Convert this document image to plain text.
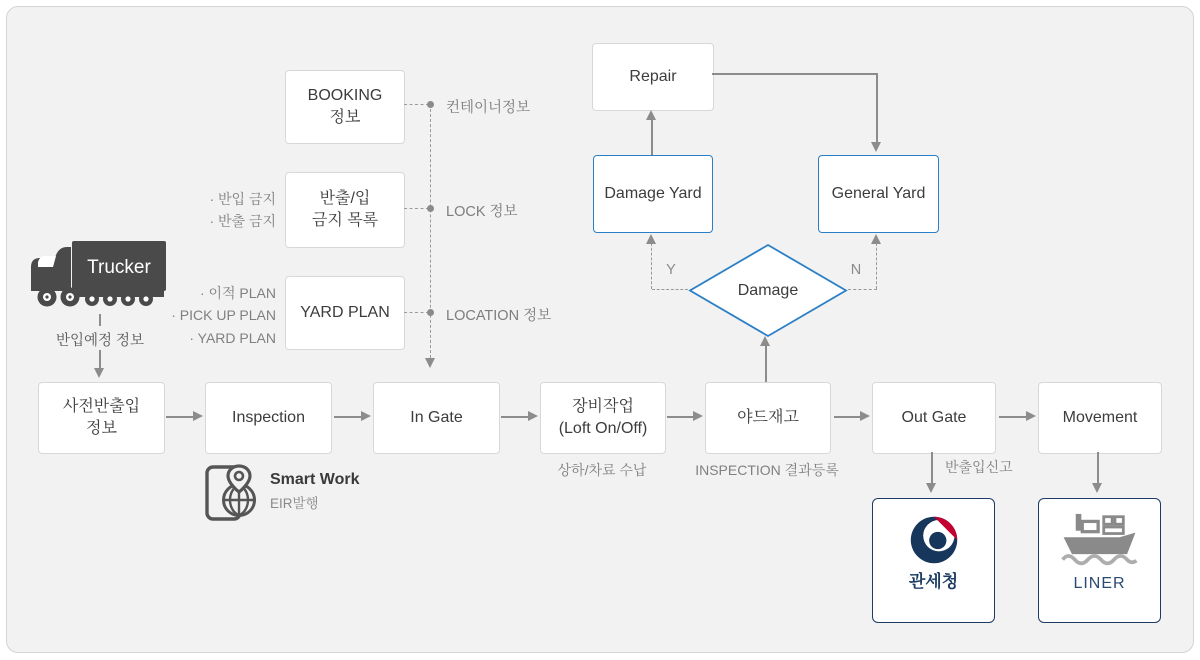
BOOKING
정보
반출/입
금지 목록
YARD PLAN
· 반입 금지
· 반출 금지
· 이적 PLAN
· PICK UP PLAN
· YARD PLAN
컨테이너정보
LOCK 정보
LOCATION 정보
Trucker
반입예정 정보
사전반출입
정보
Inspection	In Gate
장비작업
(Loft On/Off)
야드재고	Out Gate	Movement
상하/차료 수납	INSPECTION 결과등록
Smart Work
EIR발행
반출입신고
관세청	LINER
Repair
Damage Yard	General Yard
Damage
Y	N
